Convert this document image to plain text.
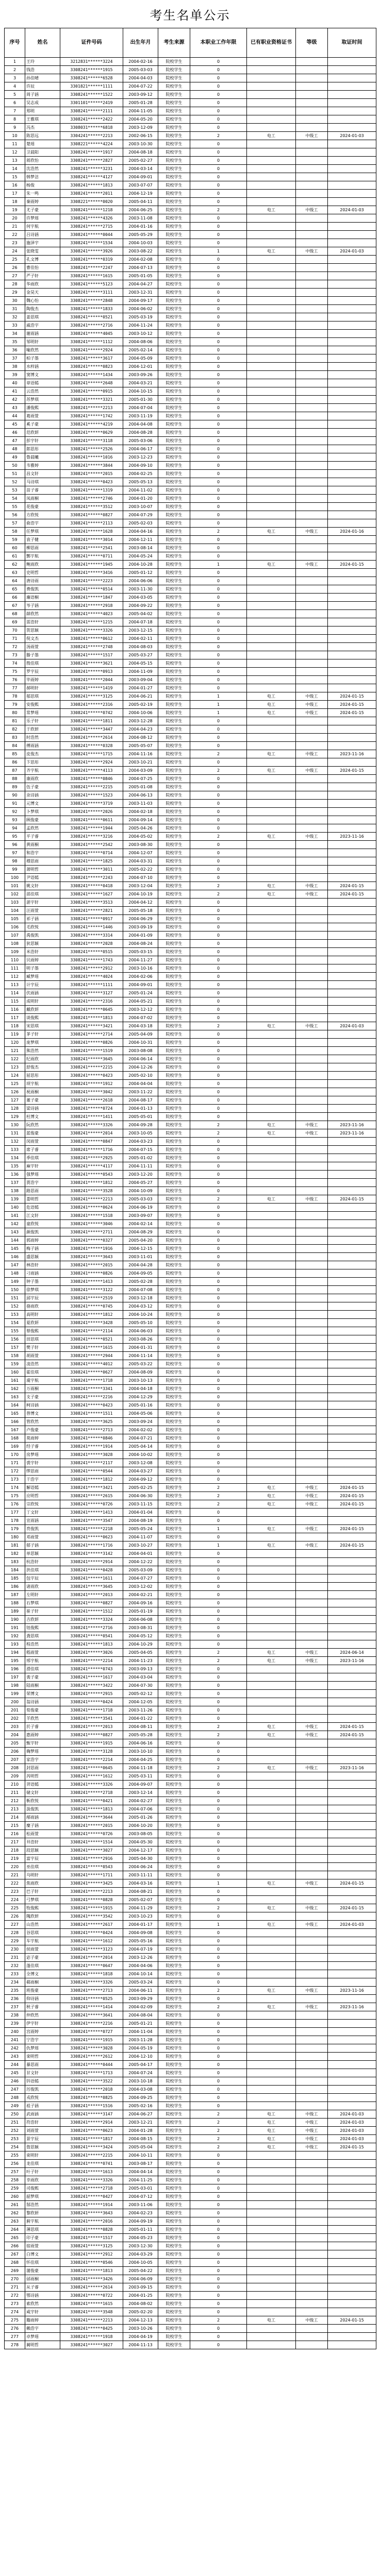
考生名单公示
序号	姓名	证件号码	出生年月	考生来源	本职业工作年限	已有职业资格证书	等级	取证时间
1	王玲	3212831******3224	2004-02-16	院校学生	0			
2	钱浩	3308241******1915	2005-03-03	院校学生	0			
3	孙佳晴	3308241******6528	2004-04-03	院校学生	0			
4	许辰	3301821******1111	2004-07-22	院校学生	0			
5	周子涵	3308241******1522	2003-09-12	院校学生	0			
6	吴志成	3301101******2419	2005-01-28	院校学生	0			
7	郑明	3308241******2111	2004-11-05	院校学生	0			
8	王雅琪	3308241******2422	2004-05-20	院校学生	0			
9	冯杰	3308031******6818	2003-12-09	院校学生	0			
10	陈思远	3304241******2213	2002-06-15	院校学生	2	电工	中级工	2024-01-03
11	楚瑶	3308221******4224	2003-10-30	院校学生	0			
12	卫晨阳	3308241******1917	2004-08-18	院校学生	0			
13	蒋欣怡	3308241******2827	2005-02-27	院校学生	0			
14	沈浩然	3308241******3231	2004-03-14	院校学生	0			
15	韩梦洁	3308241******4127	2004-09-01	院校学生	0			
16	杨俊	3308241******1813	2003-07-07	院校学生	0			
17	朱一鸣	3308241******2011	2004-12-19	院校学生	0			
18	秦雨婷	3308221******0020	2005-04-11	院校学生	0			
19	尤子豪	3308241******1218	2004-06-25	院校学生	2	电工	中级工	2024-01-03
20	许梦瑶	3308241******4326	2003-11-08	院校学生	0			
21	何宇航	3308241******2715	2004-01-16	院校学生	0			
22	吕诗涵	3308241******0044	2005-05-29	院校学生	0			
23	施泽宇	3308241******1534	2004-10-03	院校学生	0			
24	张晓雯	3308241******3926	2003-08-22	院校学生	1	电工	中级工	2024-01-03
25	孔文博	3308241******0319	2004-02-08	院校学生	0			
26	曹佳怡	3308241******2247	2004-07-13	院校学生	0			
27	严子轩	3308241******1615	2005-01-05	院校学生	0			
28	华雨欣	3308241******5123	2004-04-27	院校学生	0			
29	金昊天	3308241******3111	2003-12-31	院校学生	0			
30	魏心怡	3308241******2848	2004-09-17	院校学生	0			
31	陶俊杰	3308241******1833	2004-06-02	院校学生	0			
32	姜思琪	3308241******0521	2005-03-19	院校学生	0			
33	戚浩宇	3308241******2716	2004-11-24	院校学生	0			
34	谢雨涵	3308241******4045	2003-10-12	院校学生	0			
35	邹明轩	3308241******1112	2004-08-06	院校学生	0			
36	喻欣然	3308241******2924	2005-02-14	院校学生	0			
37	柏子墨	3308241******3617	2004-05-09	院校学生	0			
38	水梓涵	3308241******0823	2004-12-01	院校学生	0			
39	窦博文	3308241******1434	2003-09-26	院校学生	0			
40	章语嫣	3308241******2648	2004-03-21	院校学生	0			
41	云浩然	3308241******0915	2004-10-15	院校学生	0			
42	苏梦琪	3308241******3321	2005-01-30	院校学生	0			
43	潘俊熙	3308241******2213	2004-07-04	院校学生	0			
44	葛雨萱	3308241******1742	2003-11-19	院校学生	0			
45	奚子豪	3308241******4219	2004-04-08	院校学生	0			
46	范欣妍	3308241******0629	2004-08-28	院校学生	0			
47	彭宇轩	3308241******3118	2005-03-06	院校学生	0			
48	郎思彤	3308241******2526	2004-06-17	院校学生	0			
49	鲁晨曦	3308241******1016	2003-12-23	院校学生	0			
50	韦雅婷	3308241******3844	2004-09-10	院校学生	0			
51	昌文轩	3308241******2015	2004-02-25	院校学生	0			
52	马诗琪	3308241******0423	2005-05-13	院校学生	0			
53	苗子睿	3308241******1319	2004-11-02	院校学生	0			
54	凤雨桐	3308241******2746	2004-01-20	院校学生	0			
55	花俊豪	3308241******3512	2003-10-07	院校学生	0			
56	方欣悦	3308241******0827	2004-07-29	院校学生	0			
57	俞浩宇	3308241******2113	2005-02-03	院校学生	0			
58	任梦琪	3308241******1628	2004-04-16	院校学生	2	电工	中级工	2024-01-16
59	袁子健	3308241******3014	2004-12-11	院校学生	0			
60	柳思雨	3308241******2541	2003-08-14	院校学生	0			
61	酆宇航	3308241******0711	2004-05-24	院校学生	0			
62	鲍雨欣	3308241******1945	2004-10-28	院校学生	1	电工	中级工	2024-01-15
63	史明哲	3308241******3416	2005-01-12	院校学生	0			
64	唐诗雨	3308241******2223	2004-06-06	院校学生	0			
65	费俊凯	3308241******0514	2003-11-30	院校学生	0			
66	廉语桐	3308241******1847	2004-03-05	院校学生	0			
67	岑子涵	3308241******2918	2004-09-22	院校学生	0			
68	薛欣然	3308241******4023	2005-04-02	院校学生	0			
69	雷浩轩	3308241******1215	2004-07-18	院校学生	0			
70	贺思颖	3308241******3326	2003-12-15	院校学生	0			
71	倪文杰	3308241******0612	2004-02-11	院校学生	0			
72	汤雨萱	3308241******2748	2004-08-03	院校学生	0			
73	滕子墨	3308241******1517	2005-03-27	院校学生	0			
74	殷佳琪	3308241******3621	2004-05-15	院校学生	0			
75	罗宇辰	3308241******0913	2004-11-09	院校学生	0			
76	毕雨婷	3308241******2044	2003-09-04	院校学生	0			
77	郝明轩	3308241******1419	2004-01-27	院校学生	0			
78	邬思琪	3308241******3125	2004-06-21	院校学生	1	电工	中级工	2024-01-15
79	安俊熙	3308241******2316	2005-02-19	院校学生	1	电工	中级工	2024-01-15
80	常梦瑶	3308241******0742	2004-10-06	院校学生	1	电工	中级工	2024-01-15
81	乐子轩	3308241******1811	2003-12-28	院校学生	0			
82	于欣妍	3308241******3447	2004-04-23	院校学生	0			
83	时浩然	3308241******2614	2004-08-12	院校学生	0			
84	傅雨涵	3308241******0328	2005-05-07	院校学生	0			
85	皮俊杰	3308241******1715	2004-11-16	院校学生	2	电工	中级工	2023-11-16
86	卞思彤	3308241******2924	2003-10-21	院校学生	0			
87	齐宇航	3308241******4113	2004-03-09	院校学生	2	电工	中级工	2024-01-15
88	康雨欣	3308241******0846	2004-07-25	院校学生	0			
89	伍子豪	3308241******2215	2005-01-08	院校学生	0			
90	余诗涵	3308241******1523	2004-06-13	院校学生	0			
91	元博文	3308241******3719	2003-11-03	院校学生	0			
92	卜梦琪	3308241******2026	2004-02-18	院校学生	0			
93	顾俊豪	3308241******0611	2004-09-14	院校学生	0			
94	孟欣然	3308241******1944	2005-04-26	院校学生	0			
95	平子睿	3308241******3216	2004-05-02	院校学生	2	电工	中级工	2023-11-16
96	黄雨桐	3308241******2542	2003-08-30	院校学生	0			
97	和浩宇	3308241******0714	2004-12-07	院校学生	0			
98	穆思雨	3308241******1825	2004-03-31	院校学生	0			
99	萧明哲	3308241******3011	2005-02-22	院校学生	0			
100	尹语嫣	3308241******2243	2004-07-10	院校学生	0			
101	姚文轩	3308241******0418	2003-12-04	院校学生	2	电工	中级工	2024-01-15
102	邵佳琪	3308241******1627	2004-10-19	院校学生	2	电工	中级工	2024-01-15
103	湛宇轩	3308241******3513	2004-04-12	院校学生	0			
104	汪雨萱	3308241******2821	2005-05-18	院校学生	0			
105	祁子涵	3308241******0917	2004-06-29	院校学生	0			
106	毛欣悦	3308241******1446	2003-09-19	院校学生	0			
107	禹俊凯	3308241******3314	2004-01-09	院校学生	0			
108	狄思颖	3308241******2028	2004-08-24	院校学生	0			
109	米浩轩	3308241******0515	2005-03-15	院校学生	0			
110	贝雨婷	3308241******1743	2004-11-27	院校学生	0			
111	明子墨	3308241******2912	2003-10-16	院校学生	0			
112	臧梦瑶	3308241******4024	2004-02-06	院校学生	0			
113	计宇辰	3308241******1111	2004-09-01	院校学生	0			
114	伏雨涵	3308241******3127	2005-01-24	院校学生	0			
115	成明轩	3308241******2316	2004-05-21	院校学生	0			
116	戴欣妍	3308241******0645	2003-12-12	院校学生	0			
117	谈俊熙	3308241******1813	2004-07-02	院校学生	0			
118	宋思琪	3308241******3421	2004-03-18	院校学生	2	电工	中级工	2024-01-03
119	茅子轩	3308241******2714	2005-04-09	院校学生	0			
120	庞梦琪	3308241******0826	2004-10-31	院校学生	0			
121	熊浩然	3308241******1519	2003-08-08	院校学生	0			
122	纪雨欣	3308241******3645	2004-06-14	院校学生	0			
123	舒俊杰	3308241******2215	2004-12-26	院校学生	0			
124	屈思彤	3308241******0423	2005-02-10	院校学生	0			
125	项宇航	3308241******1912	2004-04-04	院校学生	0			
126	祝雨桐	3308241******3042	2003-11-22	院校学生	0			
127	董子豪	3308241******2618	2004-08-17	院校学生	0			
128	梁诗涵	3308241******0724	2004-01-13	院校学生	0			
129	杜博文	3308241******1411	2005-05-01	院校学生	0			
130	阮欣然	3308241******3326	2004-09-28	院校学生	2	电工	中级工	2023-11-16
131	蓝俊豪	3308241******2014	2003-10-05	院校学生	2	电工	中级工	2023-11-16
132	闵雨萱	3308241******0847	2004-03-23	院校学生	0			
133	席子睿	3308241******1716	2004-07-15	院校学生	0			
134	季佳琪	3308241******2925	2005-01-02	院校学生	0			
135	麻宇轩	3308241******4117	2004-11-11	院校学生	0			
136	强梦瑶	3308241******0543	2003-12-20	院校学生	0			
137	贾浩宇	3308241******1812	2004-05-27	院校学生	0			
138	路思雨	3308241******3528	2004-10-09	院校学生	0			
139	娄明哲	3308241******2213	2005-03-03	院校学生	2	电工	中级工	2024-01-15
140	危语嫣	3308241******0624	2004-06-19	院校学生	0			
141	江文轩	3308241******1518	2003-09-07	院校学生	0			
142	童欣悦	3308241******3046	2004-02-14	院校学生	0			
143	颜俊凯	3308241******2711	2004-08-29	院校学生	0			
144	郭雨婷	3308241******0327	2005-04-20	院校学生	0			
145	梅子涵	3308241******1916	2004-12-15	院校学生	0			
146	盛思颖	3308241******3643	2003-11-01	院校学生	0			
147	林浩轩	3308241******2015	2004-04-28	院校学生	0			
148	刁雨涵	3308241******0826	2004-09-05	院校学生	0			
149	钟子墨	3308241******1413	2005-02-28	院校学生	0			
150	徐梦琪	3308241******3122	2004-07-08	院校学生	0			
151	邱宇辰	3308241******2519	2003-12-18	院校学生	0			
152	骆雨欣	3308241******0745	2004-03-12	院校学生	0			
153	高明轩	3308241******1812	2004-10-24	院校学生	0			
154	夏欣妍	3308241******3428	2005-05-10	院校学生	0			
155	蔡俊熙	3308241******2114	2004-06-03	院校学生	0			
156	田思琪	3308241******0521	2003-08-26	院校学生	0			
157	樊子轩	3308241******1615	2004-01-31	院校学生	0			
158	胡雨萱	3308241******2944	2004-11-14	院校学生	0			
159	凌浩然	3308241******4012	2005-03-22	院校学生	0			
160	霍佳琪	3308241******0627	2004-08-09	院校学生	0			
161	虞宇航	3308241******1718	2003-10-13	院校学生	0			
162	万雨桐	3308241******3341	2004-04-18	院校学生	0			
163	支子豪	3308241******2216	2004-12-29	院校学生	0			
164	柯诗涵	3308241******0423	2005-01-16	院校学生	0			
165	昝博文	3308241******1511	2004-05-06	院校学生	0			
166	管欣然	3308241******3625	2003-09-24	院校学生	0			
167	卢俊豪	3308241******2713	2004-02-02	院校学生	0			
168	莫雨婷	3308241******0846	2004-07-21	院校学生	0			
169	经子睿	3308241******1914	2005-04-14	院校学生	0			
170	房梦瑶	3308241******3028	2004-10-02	院校学生	0			
171	裘宇轩	3308241******2117	2003-12-08	院校学生	0			
172	缪思雨	3308241******0544	2004-03-27	院校学生	0			
173	干浩宇	3308241******1812	2004-09-12	院校学生	0			
174	解语嫣	3308241******3421	2005-02-25	院校学生	2	电工	中级工	2024-01-15
175	应明哲	3308241******2615	2004-06-30	院校学生	2	电工	中级工	2024-01-15
176	宗欣悦	3308241******0726	2003-11-15	院校学生	2	电工	中级工	2024-01-15
177	丁文轩	3308241******1413	2004-01-04	院校学生	0			
178	宣雨涵	3308241******3547	2004-08-19	院校学生	0			
179	贲俊凯	3308241******2218	2005-05-24	院校学生	1	电工	中级工	2024-01-15
180	邓雨萱	3308241******0623	2004-11-07	院校学生	0			
181	郁子涵	3308241******1716	2003-10-27	院校学生	1	电工	中级工	2024-01-15
182	单思颖	3308241******3142	2004-04-01	院校学生	0			
183	杭浩轩	3308241******2914	2004-12-22	院校学生	0			
184	洪佳琪	3308241******0428	2005-03-09	院校学生	0			
185	包宇辰	3308241******1611	2004-07-27	院校学生	0			
186	诸雨欣	3308241******3645	2003-12-02	院校学生	0			
187	左明轩	3308241******2013	2004-02-21	院校学生	0			
188	石梦琪	3308241******0827	2004-09-16	院校学生	0			
189	崔子轩	3308241******1512	2005-01-19	院校学生	0			
190	吉欣妍	3308241******3324	2004-06-08	院校学生	0			
191	钮俊熙	3308241******2716	2003-08-31	院校学生	0			
192	龚思琪	3308241******0541	2004-05-12	院校学生	0			
193	程浩然	3308241******1813	2004-10-29	院校学生	0			
194	嵇雨萱	3308241******3026	2005-04-05	院校学生	2	电工	中级工	2024-06-14
195	邢宇航	3308241******2214	2004-11-23	院校学生	2	电工	中级工	2023-11-16
196	滑佳琪	3308241******0743	2003-09-13	院校学生	0			
197	裴子豪	3308241******1617	2004-03-04	院校学生	0			
198	陆雨桐	3308241******3422	2004-07-30	院校学生	0			
199	荣博文	3308241******2915	2005-02-12	院校学生	0			
200	翁诗涵	3308241******0424	2004-12-05	院校学生	0			
201	荀俊豪	3308241******1718	2003-11-26	院校学生	0			
202	羊欣然	3308241******3541	2004-01-22	院校学生	0			
203	於子睿	3308241******2013	2004-08-11	院校学生	2	电工	中级工	2024-01-15
204	惠雨婷	3308241******0827	2005-05-28	院校学生	2	电工	中级工	2024-01-15
205	甄宇轩	3308241******1915	2004-06-16	院校学生	0			
206	麹梦瑶	3308241******3128	2003-10-10	院校学生	0			
207	家浩宇	3308241******2214	2004-04-25	院校学生	0			
208	封思雨	3308241******0645	2004-11-18	院校学生	2	电工	中级工	2023-11-16
209	芮明哲	3308241******1612	2005-03-11	院校学生	0			
210	羿语嫣	3308241******3326	2004-09-07	院校学生	0			
211	储文轩	3308241******2718	2003-12-14	院校学生	0			
212	靳欣悦	3308241******0421	2004-02-27	院校学生	0			
213	汲俊凯	3308241******1813	2004-07-06	院校学生	0			
214	邴雨涵	3308241******3644	2005-01-26	院校学生	0			
215	糜子涵	3308241******2015	2004-10-20	院校学生	0			
216	松雨萱	3308241******0726	2003-08-05	院校学生	0			
217	井浩轩	3308241******1514	2004-05-30	院校学生	0			
218	段思颖	3308241******3027	2004-12-17	院校学生	0			
219	富宇辰	3308241******2916	2005-04-30	院校学生	0			
220	巫佳琪	3308241******0543	2004-06-24	院校学生	0			
221	乌明轩	3308241******1711	2003-11-11	院校学生	0			
222	焦雨欣	3308241******3425	2004-03-16	院校学生	1	电工	中级工	2024-01-15
223	巴子轩	3308241******2213	2004-08-21	院校学生	0			
224	弓梦琪	3308241******0828	2005-02-07	院校学生	0			
225	牧俊熙	3308241******1915	2004-11-29	院校学生	2	电工	中级工	2024-01-15
226	隗欣妍	3308241******3542	2003-10-23	院校学生	0			
227	山浩然	3308241******2617	2004-01-17	院校学生	1	电工	中级工	2024-01-03
228	谷思琪	3308241******0424	2004-09-08	院校学生	0			
229	车宇航	3308241******1612	2005-05-16	院校学生	0			
230	侯雨萱	3308241******3123	2004-07-19	院校学生	0			
231	宓子豪	3308241******2014	2003-12-26	院校学生	0			
232	蓬佳琪	3308241******0647	2004-04-06	院校学生	0			
233	全博文	3308241******1818	2004-10-14	院校学生	0			
234	郗雨桐	3308241******3326	2005-03-24	院校学生	0			
235	班俊豪	3308241******2713	2004-06-11	院校学生	2	电工	中级工	2023-11-16
236	仰诗涵	3308241******0525	2003-09-29	院校学生	0			
237	秋子睿	3308241******1414	2004-02-09	院校学生	2	电工	中级工	2023-11-16
238	仲欣然	3308241******3641	2004-08-04	院校学生	0			
239	伊宇轩	3308241******2216	2005-01-21	院校学生	0			
240	宫雨婷	3308241******0727	2004-11-04	院校学生	0			
241	宁浩宇	3308241******1915	2003-11-28	院校学生	0			
242	仇梦瑶	3308241******3028	2004-05-19	院校学生	0			
243	栾明哲	3308241******2612	2004-12-10	院校学生	0			
244	暴思雨	3308241******0444	2005-04-17	院校学生	0			
245	甘文轩	3308241******1713	2004-07-24	院校学生	0			
246	钭语嫣	3308241******3522	2003-10-18	院校学生	0			
247	厉俊凯	3308241******2018	2004-03-08	院校学生	0			
248	戎欣悦	3308241******0825	2004-09-25	院校学生	0			
249	祖子涵	3308241******1516	2005-02-16	院校学生	0			
250	武雨涵	3308241******3147	2004-06-27	院校学生	2	电工	中级工	2024-01-03
251	符浩轩	3308241******2914	2003-12-21	院校学生	2	电工	中级工	2024-01-03
252	刘雨萱	3308241******0623	2004-01-28	院校学生	2	电工	中级工	2024-01-03
253	景宇辰	3308241******1817	2004-08-15	院校学生	2	电工	中级工	2024-01-03
254	詹思颖	3308241******3424	2005-05-04	院校学生	2	电工	中级工	2024-01-15
255	束明轩	3308241******2215	2004-10-11	院校学生	0			
256	龙佳琪	3308241******0741	2003-08-17	院校学生	0			
257	叶子轩	3308241******1613	2004-04-14	院校学生	0			
258	幸雨欣	3308241******3326	2004-11-25	院校学生	0			
259	司俊熙	3308241******2718	2005-03-01	院校学生	0			
260	韶梦琪	3308241******0427	2004-07-12	院校学生	0			
261	郜浩然	3308241******1914	2003-11-06	院校学生	0			
262	黎欣妍	3308241******3643	2004-02-23	院校学生	0			
263	蓟宇航	3308241******2016	2004-09-19	院校学生	0			
264	薄思琪	3308241******0828	2005-01-11	院校学生	0			
265	印子豪	3308241******1517	2004-05-23	院校学生	0			
266	宿雨萱	3308241******3125	2003-12-30	院校学生	0			
267	白博文	3308241******2912	2004-03-29	院校学生	0			
268	怀佳琪	3308241******0546	2004-10-05	院校学生	0			
269	蒲俊豪	3308241******1813	2005-04-22	院校学生	0			
270	邰雨桐	3308241******3426	2004-06-09	院校学生	0			
271	从子睿	3308241******2614	2003-09-15	院校学生	0			
272	鄂诗涵	3308241******0722	2004-01-25	院校学生	0			
273	索欣然	3308241******1615	2004-08-02	院校学生	0			
274	咸宇轩	3308241******3548	2005-02-20	院校学生	0			
275	籍雨婷	3308241******2213	2004-12-13	院校学生	2	电工	中级工	2024-01-15
276	赖浩宇	3308241******0425	2003-10-26	院校学生	0			
277	卓梦瑶	3308241******1918	2004-04-19	院校学生	0			
278	蔺明哲	3308241******3027	2004-11-13	院校学生	0			
